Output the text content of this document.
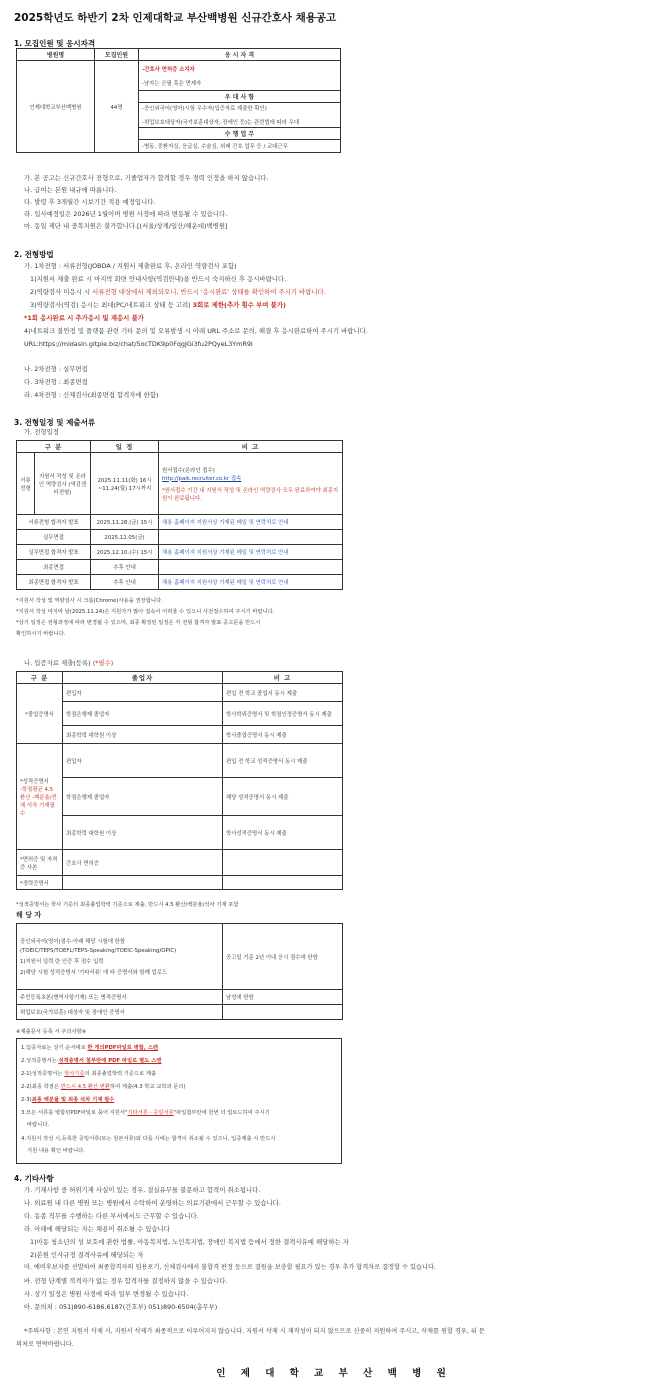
2025학년도 하반기 2차 인제대학교 부산백병원 신규간호사 채용공고
1. 모집인원 및 응시자격
병원명	모집인원	응 시 자 격
인제대학교부산백병원	44명	-간호사 면허증 소지자
-남자는 군필 혹은 면제자

		우 대 사 항

		-공인외국어(영어)시험 우수자(입증자료 제출한 확인)
-취업보호대상자(국가보훈대상자, 장애인 등)는 관련법에 따라 우대

		수 행 업 무
		-병동, 중환자실, 응급실, 수술실, 외래 간호 업무 등 / 교대근무
가. 본 공고는 신규간호사 전형으로, 기졸업자가 합격할 경우 경력 인정을 하지 않습니다.
나. 급여는 본원 내규에 따릅니다.
다. 발령 후 3개월간 시보기간 적용 예정입니다.
라. 입사예정일은 2026년 1월이며 병원 사정에 따라 변동될 수 있습니다.
마. 동일 재단 내 중복지원은 불가합니다.[(서울/상계/일산/해운대)백병원]
2. 전형방법
가. 1차전형 : 서류전형(JOBDA / 지원서 제출완료 후, 온라인 역량검사 포함)
1)지원서 제출 완료 시 마지막 화면 안내사항(역검안내)을 반드시 숙지하신 후 응시바랍니다.
2)역량검사 미응시 시 서류전형 대상에서 제외되오니, 반드시 '응시완료' 상태를 확인하여 주시기 바랍니다.
3)역량검사(역검) 응시는 최대(PC/네트워크 상태 등 고려) 3회로 제한(추가 횟수 부여 불가)
*1회 응시완료 시 추가응시 및 재응시 불가
4)네트워크 불안정 및 플랫폼 관련 기타 문의 및 오류발생 시 아래 URL 주소로 문의, 해결 후 응시완료하여 주시기 바랍니다.
URL:https://midasin.gitple.biz/chat/5ocTDK9p0FqgJGi3fu2PQyeL3YmR9I
나. 2차전형 : 실무면접
다. 3차전형 : 최종면접
라. 4차전형 : 신체검사(최종면접 합격자에 한함)
3. 전형일정 및 제출서류
가. 전형일정
구 분		일 정	비 고
서류전형	지원서 작성 및 온라인 역량검사 (역검센터전형)	2025.11.11(화) 16시~11.24(월) 17시까지	원서접수(온라인 접수)
http://paik.recruiter.co.kr 접속
*원서접수 기간 내 지원서 작성 및 온라인 역량검사 모두 완료하여야 최종지원이 완료됩니다.

서류전형 합격자 발표		2025.11.28.(금) 15시	채용 홈페이지 지원서상 기재된 메일 및 연락처로 안내
실무면접		2025.12.05(금)	
실무면접 합격자 발표		2025.12.10.(수) 15시	채용 홈페이지 지원서상 기재된 메일 및 연락처로 안내
최종면접		추후 안내	
최종면접 합격자 발표		추후 안내	채용 홈페이지 지원서상 기재된 메일 및 연락처로 안내
*지원서 작성 및 역량검사 시 크롬(Chrome)사용을 권장합니다.
*지원서 작성 마지막 날(2025.11.24)은 지원자가 많아 접속이 어려울 수 있으니 사전접수하여 주시기 바랍니다.
*상기 일정은 전형과정에 따라 변경될 수 있으며, 최종 확정된 일정은 각 전형 합격자 발표 공고문을 반드시
확인하시기 바랍니다.
나. 입증자료 제출(등록) (*필수)
구 분	졸업자	비 고
*졸업증명서	편입자	편입 전 학교 졸업서 동시 제출
	학점은행제 졸업자	학사학위증명서 및 학점인정증명서 동시 제출
	최종학력 대학원 이상	학사졸업증명서 동시 제출

*성적증명서
-학점평균 4.5 환산 -백분율/전체 석차 기재필수	편입자	편입 전 학교 성적증명서 동시 제출
	학점은행제 졸업자	해당 성적증명서 동시 제출
	최종학력 대학원 이상	학사성적증명서 동시 제출
*면허증 및 자격증 사본	간호사 면허증	
*경력증명서		
*성적증명서는 학사 기준의 최종졸업학력 기준으로 제출, 반드시 4.5 환산/백분율/석차 기재 포함
해 당 자
공인외국어(영어)점수-아래 해당 시험에 한함
(TOEIC/TEPS/TOEFL/TEPS-Speaking/TOEIC-Speaking/OPIC)
1)지원서 입력 란 인증 후 점수 입력
2)해당 시험 성적증명서 '기타서류' 에 타 증명서와 함께 업로드	공고일 기준 2년 이내 응시 점수에 한함
주민등록초본(병역사항기재) 또는 병적증명서	남성에 한함
취업보호(국가보훈) 대상자 및 장애인 증명서	
※제출문서 등록 시 주의사항※
1.입증자료는 상기 순서대로 한 개의PDF파일로 병합, 스캔
2.성적증명서는 성적증명서 첨부란에 PDF 파일로 별도 스캔
2-1)성적증명서는 학사기준의 최종졸업학력 기준으로 제출
2-2)최종 학점은 반드시 4.5 환산 변환하여 제출(4.3 학교 교학과 문의)
2-3)최종 백분율 및 최종 석차 기재 필수
3.모든 서류를 병합된PDF파일로 묶어 지원서"기타서류 - 증빙서류"파일첨부란에 한번 더 업로드하여 주시기
바랍니다.
4.지원서 작성 시,등록한 증빙서류(또는 원본서류)와 다를 시에는 합격이 취소될 수 있으니, 입증제출 시 반드시
지원 내용 확인 바랍니다.
4. 기타사항
가. 기재사항 중 허위기재 사실이 있는 경우, 결실유무를 불문하고 합격이 취소됩니다.
나. 외료원 내 다른 병원 또는 병원에서 수탁하여 운영하는 의료기관에서 근무할 수 있습니다.
다. 동종 직무를 수행하는 다른 부서에서도 근무할 수 있습니다.
라. 아래에 해당되는 자는 채용이 취소될 수 있습니다
1)아동 청소년의 성 보호에 관한 법률, 아동복지법, 노인복지법, 장애인 복지법 등에서 정한 결격사유에 해당하는 자
2)본원 인사규정 결격사유에 해당되는 자
마. 예비후보자를 선발하여 최종합격자의 임용포기, 신체검사에서 불합격 판정 등으로 결원을 보충할 필요가 있는 경우 추가 합격자로 결정할 수 있습니다.
바. 전형 단계별 적격자가 없는 경우 합격자를 결정하지 않을 수 있습니다.
사. 상기 일정은 병원 사정에 따라 일부 변경될 수 있습니다.
아. 문의처 : 051)890-6186,6187(간호부) 051)890-6504(총무부)
*주의사항 : 본인 지원서 삭제 시, 지원서 삭제가 최종적으로 이루어지지 않습니다. 지원서 삭제 시 재작성이 되지 않으므로 신중히 지원하여 주시고, 삭제를 원할 경우, 위 문
의처로 연락바랍니다.
인 제 대 학 교 부 산 백 병 원
